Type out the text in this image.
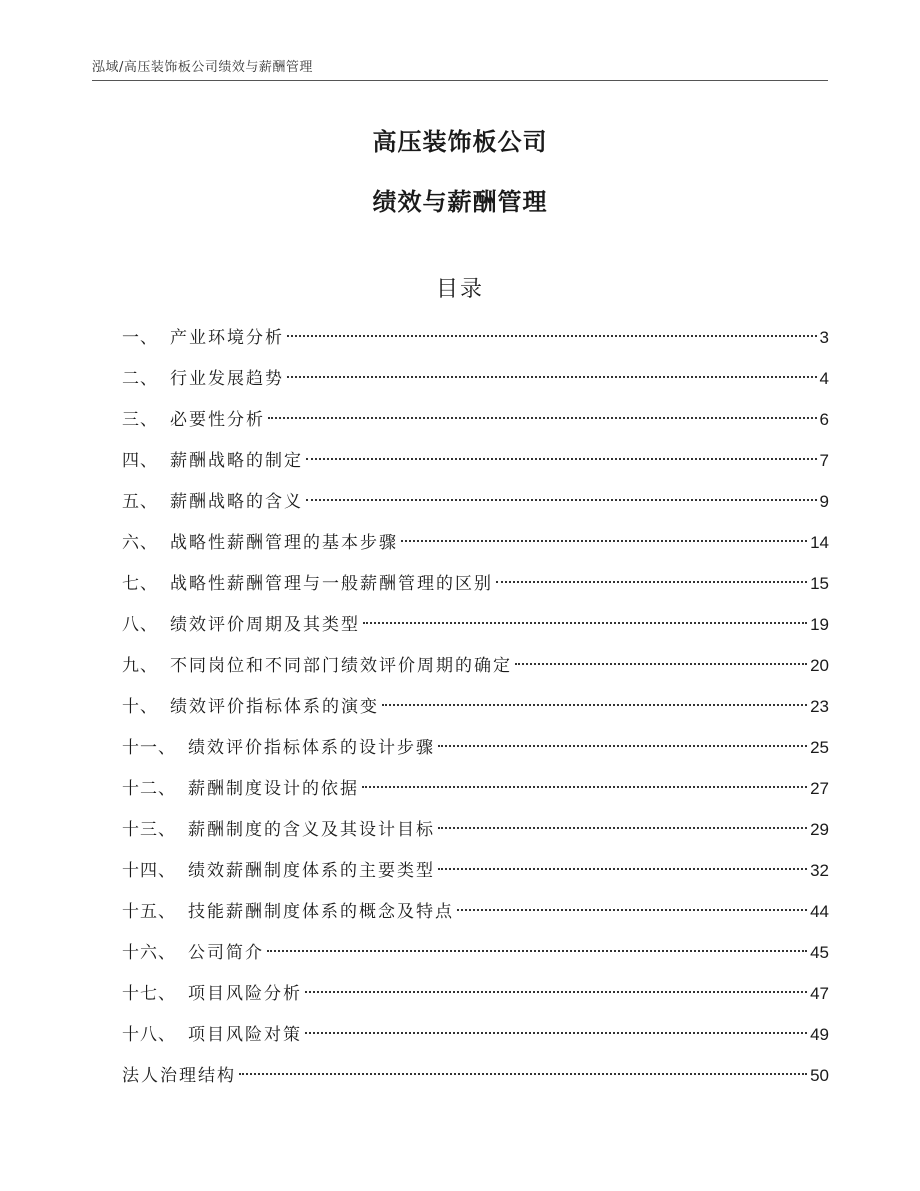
泓域/高压装饰板公司绩效与薪酬管理
高压装饰板公司
绩效与薪酬管理
目录
一、 产业环境分析	3
二、 行业发展趋势	4
三、 必要性分析	6
四、 薪酬战略的制定	7
五、 薪酬战略的含义	9
六、 战略性薪酬管理的基本步骤	14
七、 战略性薪酬管理与一般薪酬管理的区别	15
八、 绩效评价周期及其类型	19
九、 不同岗位和不同部门绩效评价周期的确定	20
十、 绩效评价指标体系的演变	23
十一、 绩效评价指标体系的设计步骤	25
十二、 薪酬制度设计的依据	27
十三、 薪酬制度的含义及其设计目标	29
十四、 绩效薪酬制度体系的主要类型	32
十五、 技能薪酬制度体系的概念及特点	44
十六、 公司简介	45
十七、 项目风险分析	47
十八、 项目风险对策	49
法人治理结构	50
